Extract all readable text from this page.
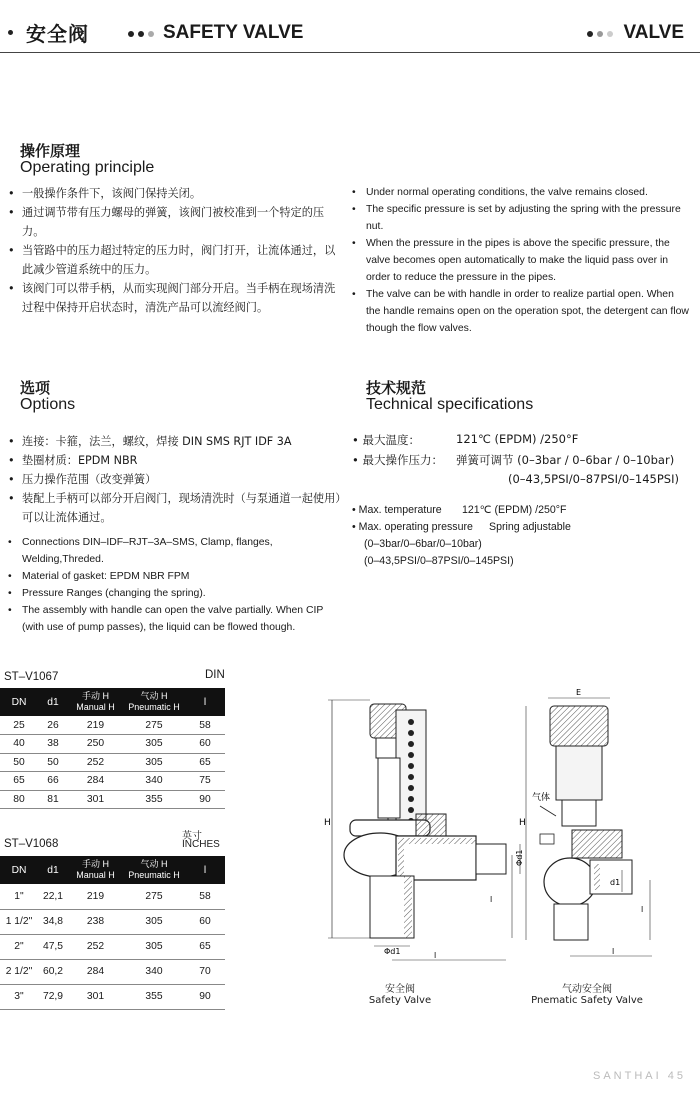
安全阀	SAFETY VALVE	VALVE
操作原理
Operating principle
• 一般操作条件下，该阀门保持关闭。
• 通过调节带有压力螺母的弹簧，该阀门被校准到一个特定的压力。
• 当管路中的压力超过特定的压力时，阀门打开，让流体通过，以此减少管道系统中的压力。
• 该阀门可以带手柄，从而实现阀门部分开启。当手柄在现场清洗过程中保持开启状态时，清洗产品可以流经阀门。
• Under normal operating conditions, the valve remains closed.
• The specific pressure is set by adjusting the spring with the pressure nut.
• When the pressure in the pipes is above the specific pressure, the valve becomes open automatically to make the liquid pass over in order to reduce the pressure in the pipes.
• The valve can be with handle in order to realize partial open. When the handle remains open on the operation spot, the detergent can flow though the flow valves.
选项
Options
• 连接：卡箍，法兰，螺纹，焊接 DIN SMS RJT IDF 3A
• 垫圈材质：EPDM NBR
• 压力操作范围（改变弹簧）
• 装配上手柄可以部分开启阀门，现场清洗时（与泵通道一起使用）可以让流体通过。
• Connections DIN–IDF–RJT–3A–SMS, Clamp, flanges, Welding,Threded.
• Material of gasket: EPDM NBR FPM
• Pressure Ranges (changing the spring).
• The assembly with handle can open the valve partially. When CIP (with use of pump passes), the liquid can be flowed though.
技术规范
Technical specifications
• 最大温度：	121℃ (EPDM) /250°F
• 最大操作压力： 弹簧可调节 (0–3bar / 0–6bar / 0–10bar)
(0–43,5PSI/0–87PSI/0–145PSI)
• Max. temperature 121℃ (EPDM) /250°F
• Max. operating pressure Spring adjustable
(0–3bar/0–6bar/0–10bar)
(0–43,5PSI/0–87PSI/0–145PSI)
ST–V1067	DIN
DN	d1	手动 H
Manual H	气动 H
Pneumatic H	l
25	26	219	275	58
40	38	250	305	60
50	50	252	305	65
65	66	284	340	75
80	81	301	355	90
ST–V1068
英寸
INCHES
DN	d1	手动 H
Manual H	气动 H
Pneumatic H	l
1"	22,1	219	275	58
1 1/2"	34,8	238	305	60
2"	47,5	252	305	65
2 1/2"	60,2	284	340	70
3"	72,9	301	355	90
H
Φd1
Φd1	l
l
E
H
气体
d1
l
l
安全阀
Safety Valve
气动安全阀
Pnematic Safety Valve
SANTHAI 45
